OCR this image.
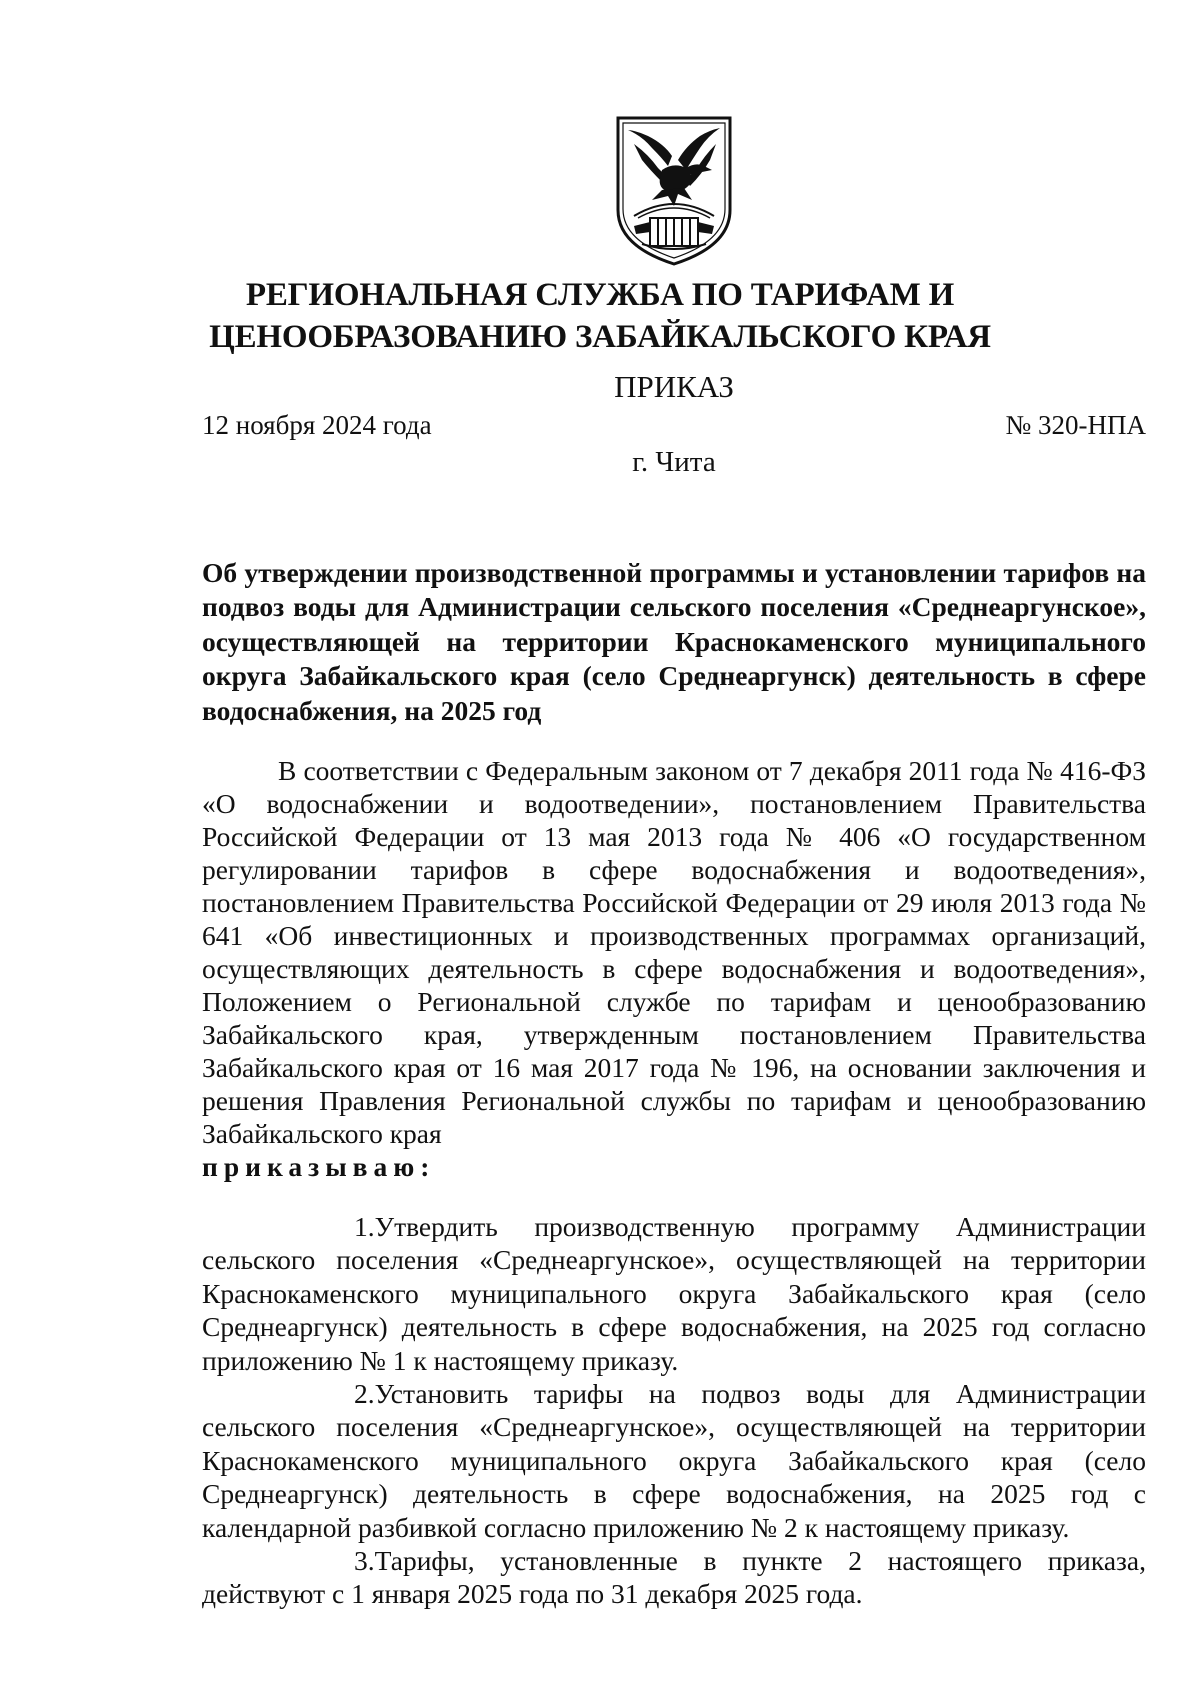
РЕГИОНАЛЬНАЯ СЛУЖБА ПО ТАРИФАМ И
ЦЕНООБРАЗОВАНИЮ ЗАБАЙКАЛЬСКОГО КРАЯ
ПРИКАЗ
12 ноября 2024 года	№ 320-НПА
г. Чита
Об утверждении производственной программы и установлении тарифов на подвоз воды для Администрации сельского поселения «Среднеаргунское», осуществляющей на территории Краснокаменского муниципального округа Забайкальского края (село Среднеаргунск) деятельность в сфере водоснабжения, на 2025 год

В соответствии с Федеральным законом от 7 декабря 2011 года № 416-ФЗ «О водоснабжении и водоотведении», постановлением Правительства Российской Федерации от 13 мая 2013 года № 406 «О государственном регулировании тарифов в сфере водоснабжения и водоотведения», постановлением Правительства Российской Федерации от 29 июля 2013 года № 641 «Об инвестиционных и производственных программах организаций, осуществляющих деятельность в сфере водоснабжения и водоотведения», Положением о Региональной службе по тарифам и ценообразованию Забайкальского края, утвержденным постановлением Правительства Забайкальского края от 16 мая 2017 года № 196, на основании заключения и решения Правления Региональной службы по тарифам и ценообразованию Забайкальского края

приказываю:

1.Утвердить производственную программу Администрации сельского поселения «Среднеаргунское», осуществляющей на территории Краснокаменского муниципального округа Забайкальского края (село Среднеаргунск) деятельность в сфере водоснабжения, на 2025 год согласно приложению № 1 к настоящему приказу.

2.Установить тарифы на подвоз воды для Администрации сельского поселения «Среднеаргунское», осуществляющей на территории Краснокаменского муниципального округа Забайкальского края (село Среднеаргунск) деятельность в сфере водоснабжения, на 2025 год с календарной разбивкой согласно приложению № 2 к настоящему приказу.

3.Тарифы, установленные в пункте 2 настоящего приказа, действуют с 1 января 2025 года по 31 декабря 2025 года.
